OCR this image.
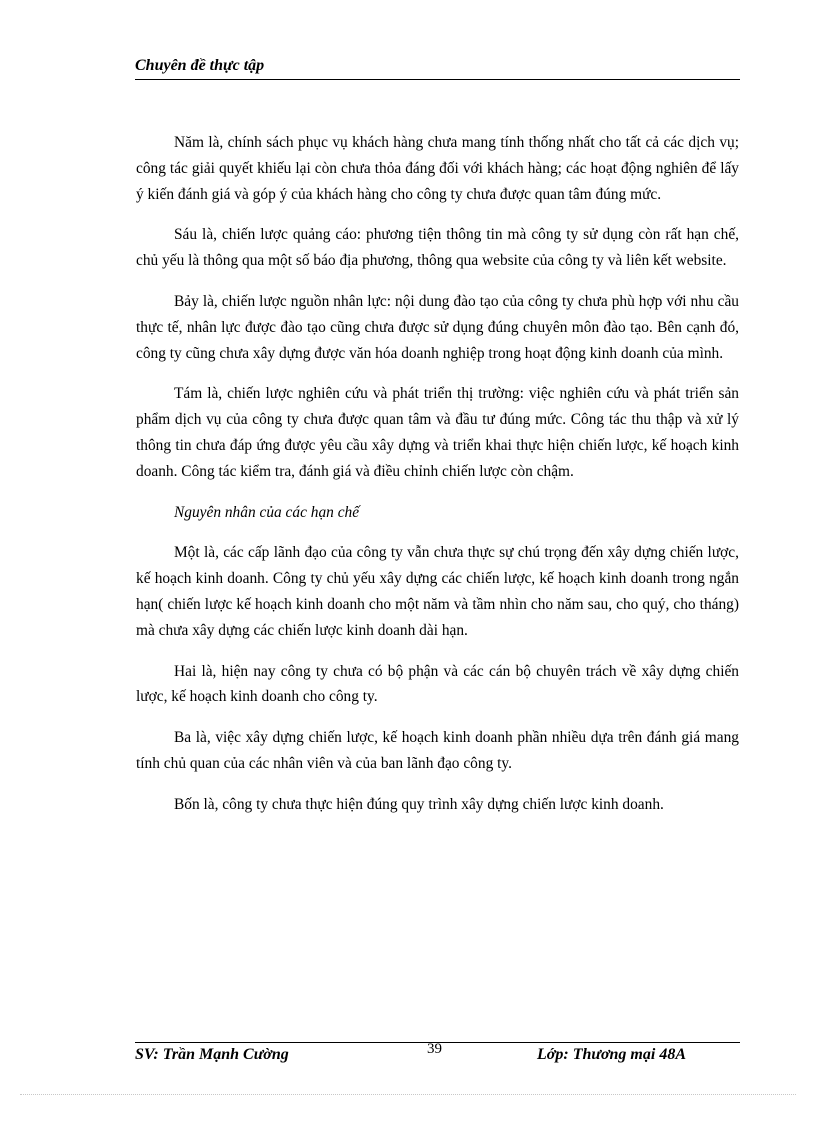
Chuyên đề thực tập

Năm là, chính sách phục vụ khách hàng chưa mang tính thống nhất cho tất cả các dịch vụ; công tác giải quyết khiếu lại còn chưa thỏa đáng đối với khách hàng; các hoạt động nghiên để lấy ý kiến đánh giá và góp ý của khách hàng cho công ty chưa được quan tâm đúng mức.

Sáu là, chiến lược quảng cáo: phương tiện thông tin mà công ty sử dụng còn rất hạn chế, chủ yếu là thông qua một số báo địa phương, thông qua website của công ty và liên kết website.

Bảy là, chiến lược nguồn nhân lực: nội dung đào tạo của công ty chưa phù hợp với nhu cầu thực tế, nhân lực được đào tạo cũng chưa được sử dụng đúng chuyên môn đào tạo. Bên cạnh đó, công ty cũng chưa xây dựng được văn hóa doanh nghiệp trong hoạt động kinh doanh của mình.

Tám là, chiến lược nghiên cứu và phát triển thị trường: việc nghiên cứu và phát triển sản phẩm dịch vụ của công ty chưa được quan tâm và đầu tư đúng mức. Công tác thu thập và xử lý thông tin chưa đáp ứng được yêu cầu xây dựng và triển khai thực hiện chiến lược, kế hoạch kinh doanh. Công tác kiểm tra, đánh giá và điều chỉnh chiến lược còn chậm.

Nguyên nhân của các hạn chế

Một là, các cấp lãnh đạo của công ty vẫn chưa thực sự chú trọng đến xây dựng chiến lược, kế hoạch kinh doanh. Công ty chủ yếu xây dựng các chiến lược, kế hoạch kinh doanh trong ngắn hạn( chiến lược kế hoạch kinh doanh cho một năm và tầm nhìn cho năm sau, cho quý, cho tháng) mà chưa xây dựng các chiến lược kinh doanh dài hạn.

Hai là, hiện nay công ty chưa có bộ phận và các cán bộ chuyên trách về xây dựng chiến lược, kế hoạch kinh doanh cho công ty.

Ba là, việc xây dựng chiến lược, kế hoạch kinh doanh phần nhiều dựa trên đánh giá mang tính chủ quan của các nhân viên và của ban lãnh đạo công ty.

Bốn là, công ty chưa thực hiện đúng quy trình xây dựng chiến lược kinh doanh.

SV: Trần Mạnh Cường	39	Lớp: Thương mại 48A
